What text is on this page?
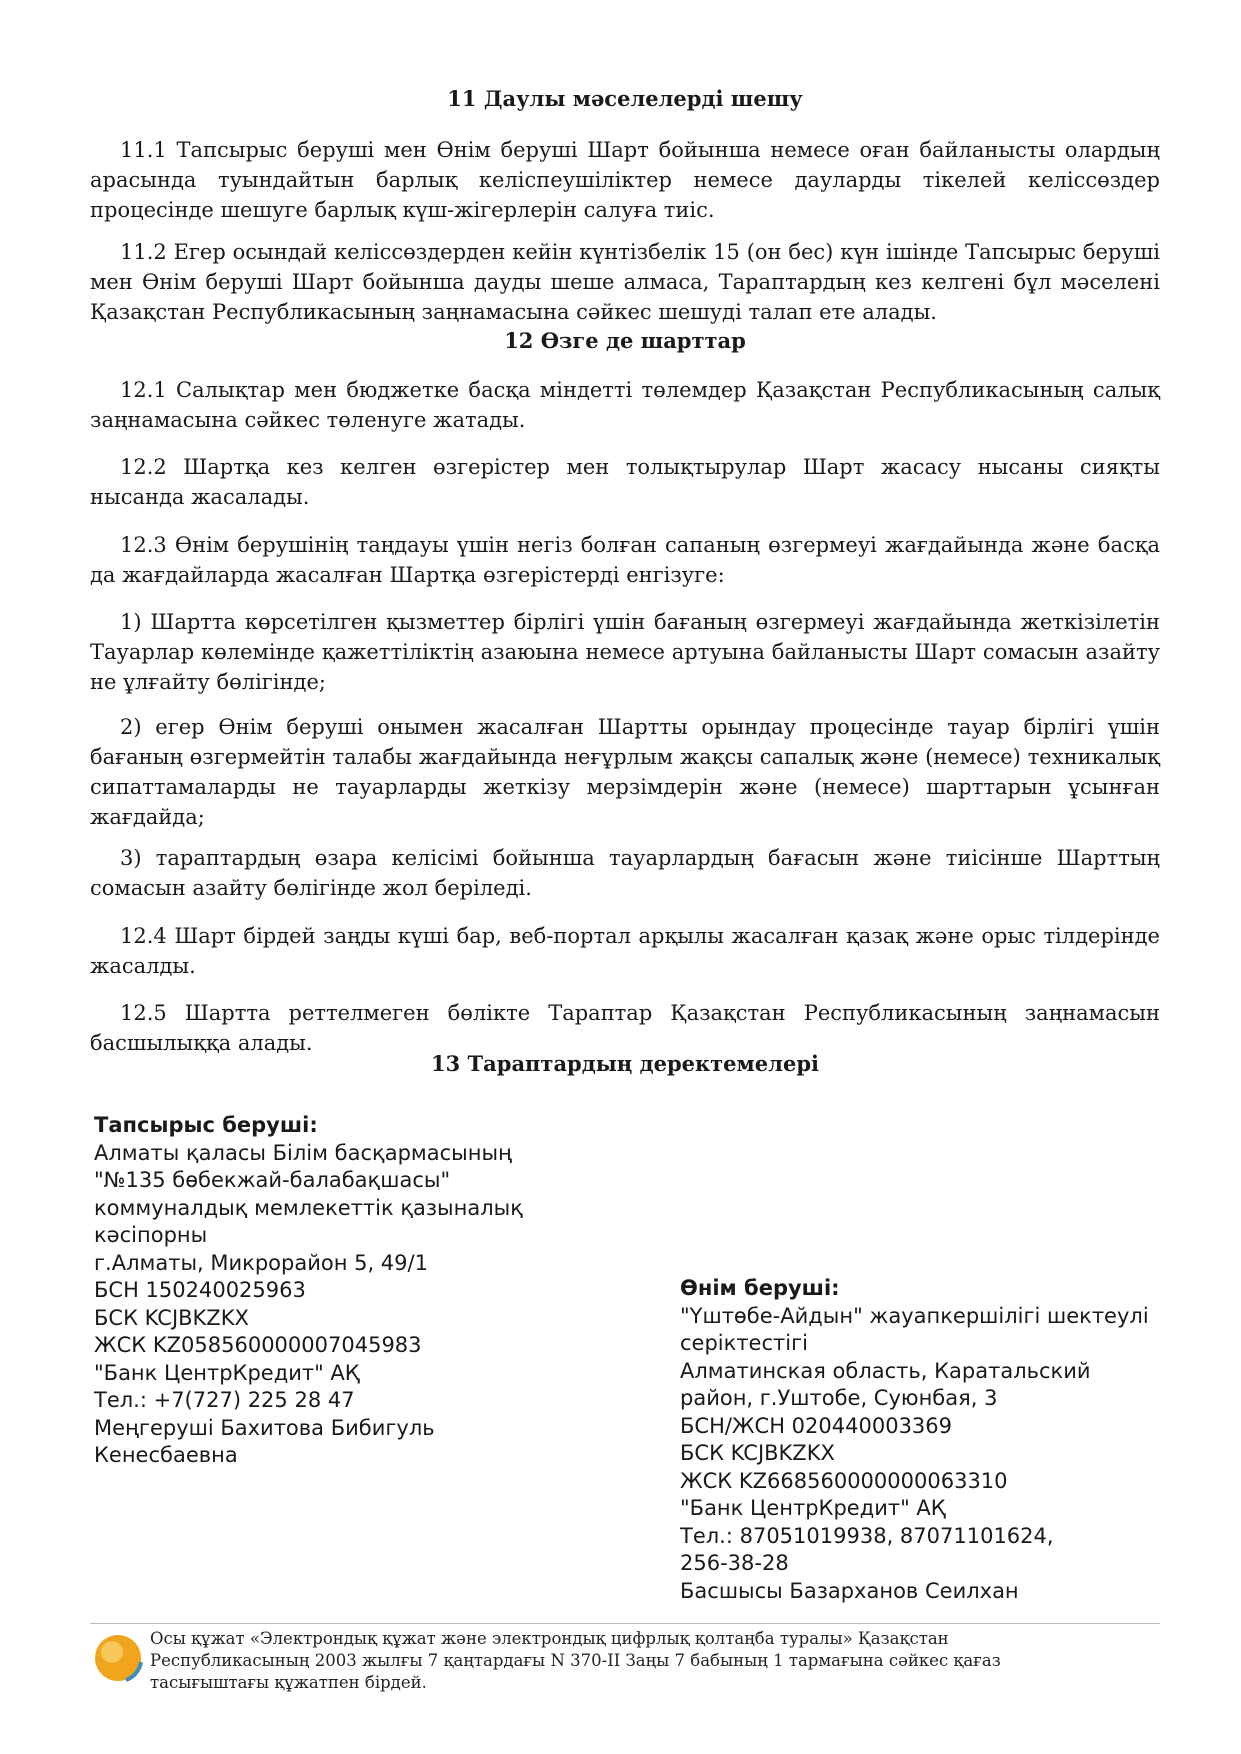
11 Даулы мәселелерді шешу
11.1 Тапсырыс беруші мен Өнім беруші Шарт бойынша немесе оған байланысты олардың арасында туындайтын барлық келіспеушіліктер немесе дауларды тікелей келіссөздер процесінде шешуге барлық күш-жігерлерін салуға тиіс.
11.2 Егер осындай келіссөздерден кейін күнтізбелік 15 (он бес) күн ішінде Тапсырыс беруші мен Өнім беруші Шарт бойынша дауды шеше алмаса, Тараптардың кез келгені бұл мәселені Қазақстан Республикасының заңнамасына сәйкес шешуді талап ете алады.
12 Өзге де шарттар
12.1 Салықтар мен бюджетке басқа міндетті төлемдер Қазақстан Республикасының салық заңнамасына сәйкес төленуге жатады.
12.2 Шартқа кез келген өзгерістер мен толықтырулар Шарт жасасу нысаны сияқты нысанда жасалады.
12.3 Өнім берушінің таңдауы үшін негіз болған сапаның өзгермеуі жағдайында және басқа да жағдайларда жасалған Шартқа өзгерістерді енгізуге:
1) Шартта көрсетілген қызметтер бірлігі үшін бағаның өзгермеуі жағдайында жеткізілетін Тауарлар көлемінде қажеттіліктің азаюына немесе артуына байланысты Шарт сомасын азайту не ұлғайту бөлігінде;
2) егер Өнім беруші онымен жасалған Шартты орындау процесінде тауар бірлігі үшін бағаның өзгермейтін талабы жағдайында неғұрлым жақсы сапалық және (немесе) техникалық сипаттамаларды не тауарларды жеткізу мерзімдерін және (немесе) шарттарын ұсынған жағдайда;
3) тараптардың өзара келісімі бойынша тауарлардың бағасын және тиісінше Шарттың сомасын азайту бөлігінде жол беріледі.
12.4 Шарт бірдей заңды күші бар, веб-портал арқылы жасалған қазақ және орыс тілдерінде жасалды.
12.5 Шартта реттелмеген бөлікте Тараптар Қазақстан Республикасының заңнамасын басшылыққа алады.
13 Тараптардың деректемелері
Тапсырыс беруші:
Алматы қаласы Білім басқармасының
"№135 бөбекжай-балабақшасы"
коммуналдық мемлекеттік қазыналық
кәсіпорны
г.Алматы, Микрорайон 5, 49/1
БСН 150240025963
БСК KCJBKZKX
ЖСК KZ058560000007045983
"Банк ЦентрКредит" АҚ
Тел.: +7(727) 225 28 47
Меңгеруші Бахитова Бибигуль
Кенесбаевна
Өнім беруші:
"Үштөбе-Айдын" жауапкершілігі шектеулі
серіктестігі
Алматинская область, Каратальский
район, г.Уштобе, Суюнбая, 3
БСН/ЖСН 020440003369
БСК KCJBKZKX
ЖСК KZ668560000000063310
"Банк ЦентрКредит" АҚ
Тел.: 87051019938, 87071101624,
256-38-28
Басшысы Базарханов Сеилхан
Осы құжат «Электрондық құжат және электрондық цифрлық қолтаңба туралы» Қазақстан
Республикасының 2003 жылғы 7 қаңтардағы N 370-II Заңы 7 бабының 1 тармағына сәйкес қағаз
тасығыштағы құжатпен бірдей.
